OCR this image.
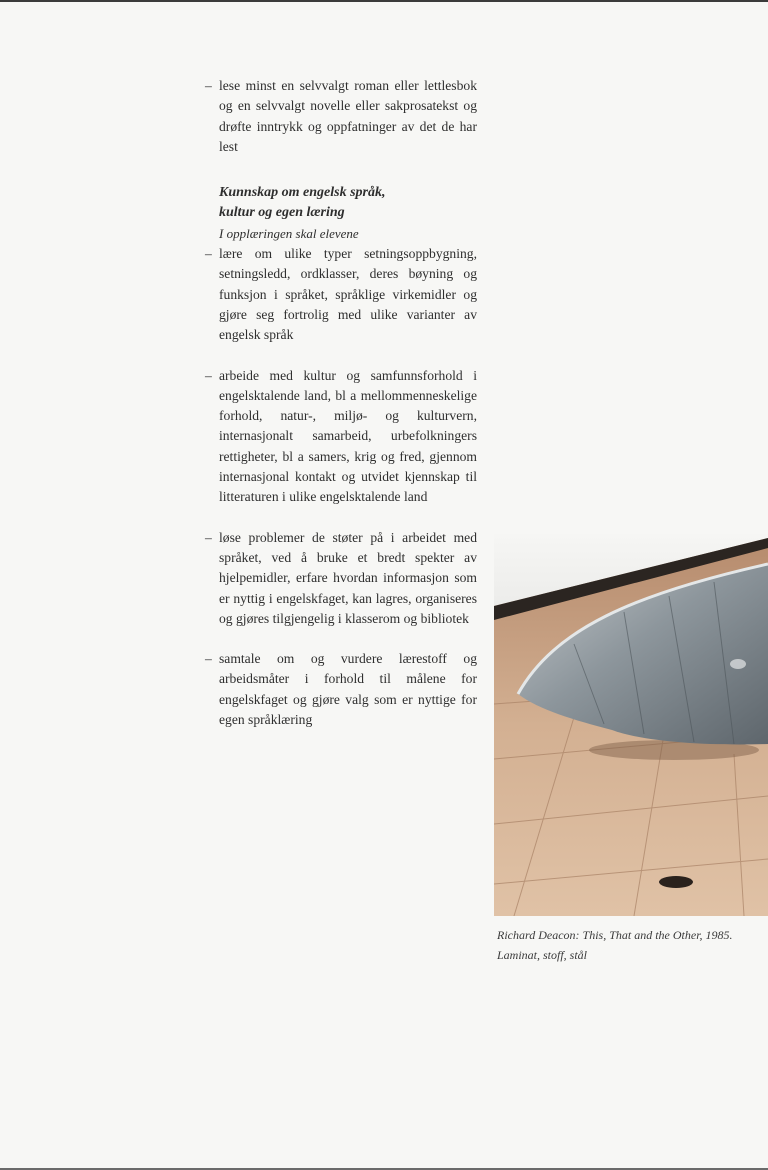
– lese minst en selvvalgt roman eller lettlesbok og en selvvalgt novelle eller sakprosatekst og drøfte inntrykk og oppfatninger av det de har lest
Kunnskap om engelsk språk,
kultur og egen læring
I opplæringen skal elevene
– lære om ulike typer setningsoppbygning, setningsledd, ordklasser, deres bøyning og funksjon i språket, språklige virkemidler og gjøre seg fortrolig med ulike varianter av engelsk språk
– arbeide med kultur og samfunnsforhold i engelsktalende land, bl a mellommenneskelige forhold, natur-, miljø- og kulturvern, internasjonalt samarbeid, urbefolkningers rettigheter, bl a samers, krig og fred, gjennom internasjonal kontakt og utvidet kjennskap til litteraturen i ulike engelsktalende land
– løse problemer de støter på i arbeidet med språket, ved å bruke et bredt spekter av hjelpemidler, erfare hvordan informasjon som er nyttig i engelskfaget, kan lagres, organiseres og gjøres tilgjengelig i klasserom og bibliotek
– samtale om og vurdere lærestoff og arbeidsmåter i forhold til målene for engelskfaget og gjøre valg som er nyttige for egen språklæring
Richard Deacon: This, That and the Other, 1985.
Laminat, stoff, stål
